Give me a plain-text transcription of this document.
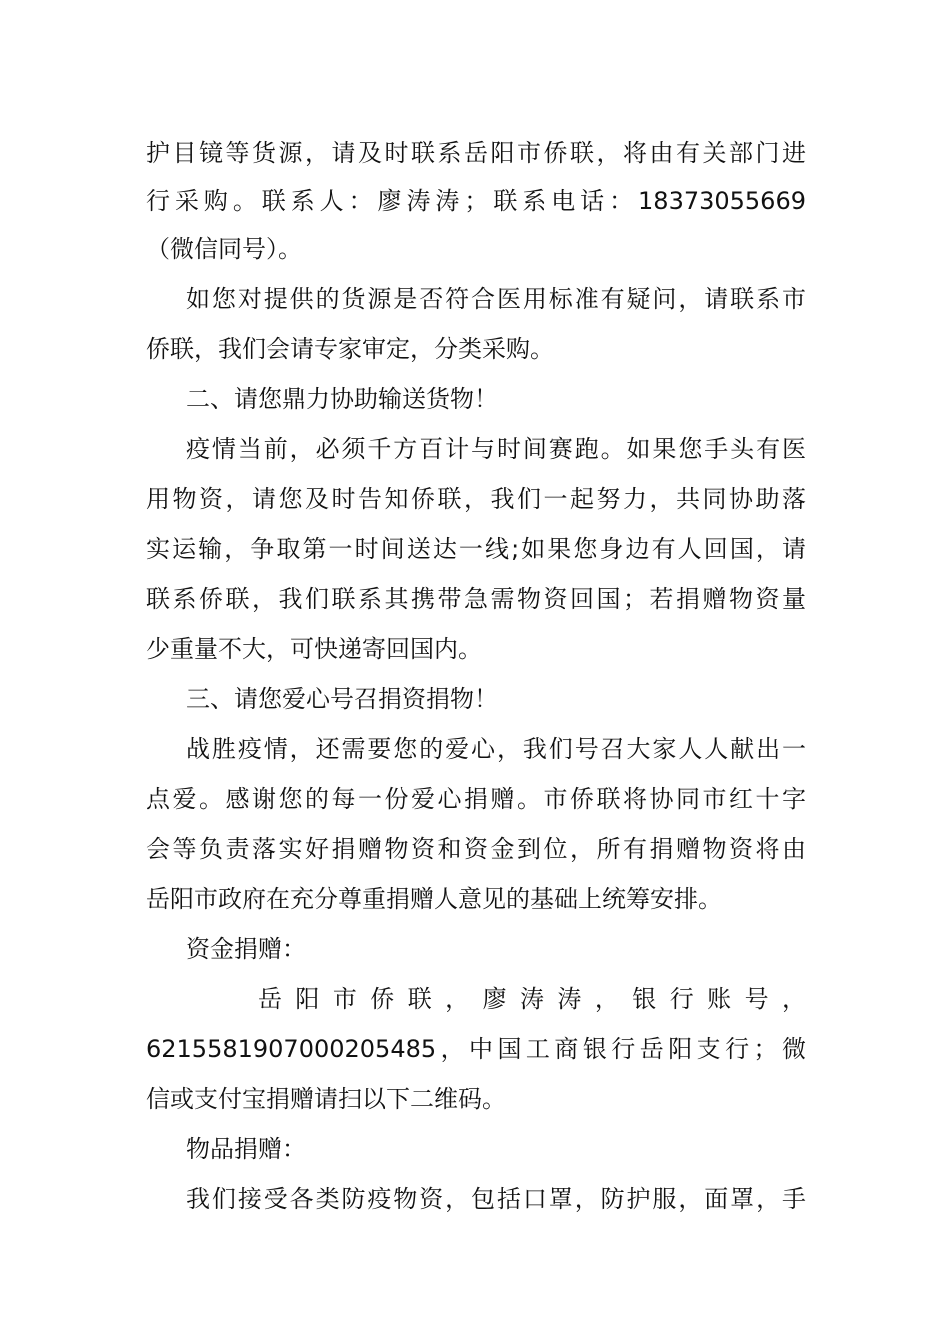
护目镜等货源，请及时联系岳阳市侨联，将由有关部门进
行采购。联系人：廖涛涛；联系电话：18373055669
（微信同号）。
如您对提供的货源是否符合医用标准有疑问，请联系市
侨联，我们会请专家审定，分类采购。
二、请您鼎力协助输送货物！
疫情当前，必须千方百计与时间赛跑。如果您手头有医
用物资，请您及时告知侨联，我们一起努力，共同协助落
实运输，争取第一时间送达一线;如果您身边有人回国，请
联系侨联，我们联系其携带急需物资回国；若捐赠物资量
少重量不大，可快递寄回国内。
三、请您爱心号召捐资捐物！
战胜疫情，还需要您的爱心，我们号召大家人人献出一
点爱。感谢您的每一份爱心捐赠。市侨联将协同市红十字
会等负责落实好捐赠物资和资金到位，所有捐赠物资将由
岳阳市政府在充分尊重捐赠人意见的基础上统筹安排。
资金捐赠：
岳 阳 市 侨 联 ， 廖 涛 涛 ， 银 行 账 号 ，
6215581907000205485，中国工商银行岳阳支行；微
信或支付宝捐赠请扫以下二维码。
物品捐赠：
我们接受各类防疫物资，包括口罩，防护服，面罩，手
